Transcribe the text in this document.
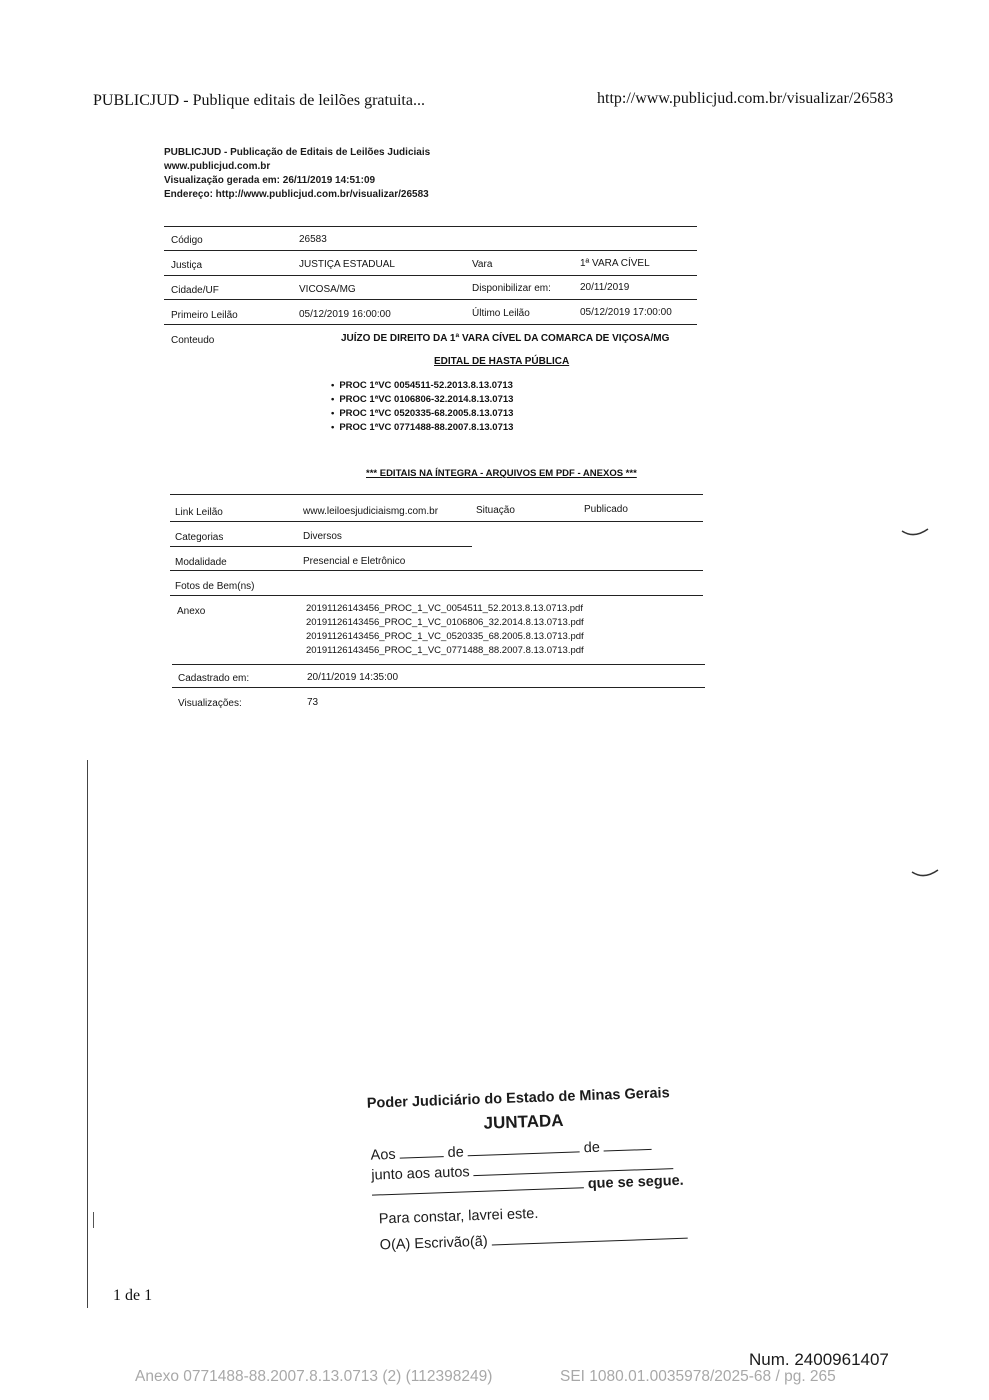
PUBLICJUD - Publique editais de leilões gratuita...	http://www.publicjud.com.br/visualizar/26583
PUBLICJUD - Publicação de Editais de Leilões Judiciais
www.publicjud.com.br
Visualização gerada em: 26/11/2019 14:51:09
Endereço: http://www.publicjud.com.br/visualizar/26583
Código	26583
Justiça	JUSTIÇA ESTADUAL	Vara	1ª VARA CÍVEL
Cidade/UF	VICOSA/MG	Disponibilizar em:	20/11/2019
Primeiro Leilão	05/12/2019 16:00:00	Último Leilão	05/12/2019 17:00:00
Conteudo	JUÍZO DE DIREITO DA 1ª VARA CÍVEL DA COMARCA DE VIÇOSA/MG
EDITAL DE HASTA PÚBLICA
• PROC 1ªVC 0054511-52.2013.8.13.0713
• PROC 1ªVC 0106806-32.2014.8.13.0713
• PROC 1ªVC 0520335-68.2005.8.13.0713
• PROC 1ªVC 0771488-88.2007.8.13.0713
*** EDITAIS NA ÍNTEGRA - ARQUIVOS EM PDF - ANEXOS ***
Link Leilão	www.leiloesjudiciaismg.com.br	Situação	Publicado
Categorias	Diversos
Modalidade	Presencial e Eletrônico
Fotos de Bem(ns)
Anexo	20191126143456_PROC_1_VC_0054511_52.2013.8.13.0713.pdf
20191126143456_PROC_1_VC_0106806_32.2014.8.13.0713.pdf
20191126143456_PROC_1_VC_0520335_68.2005.8.13.0713.pdf
20191126143456_PROC_1_VC_0771488_88.2007.8.13.0713.pdf
Cadastrado em:	20/11/2019 14:35:00
Visualizações:	73
Poder Judiciário do Estado de Minas Gerais
JUNTADA
Aos	de	de
junto aos autos	que se segue.
Para constar, lavrei este.
O(A) Escrivão(ã)
1 de 1
Num. 2400961407
Anexo 0771488-88.2007.8.13.0713 (2) (112398249)	SEI 1080.01.0035978/2025-68 / pg. 265
